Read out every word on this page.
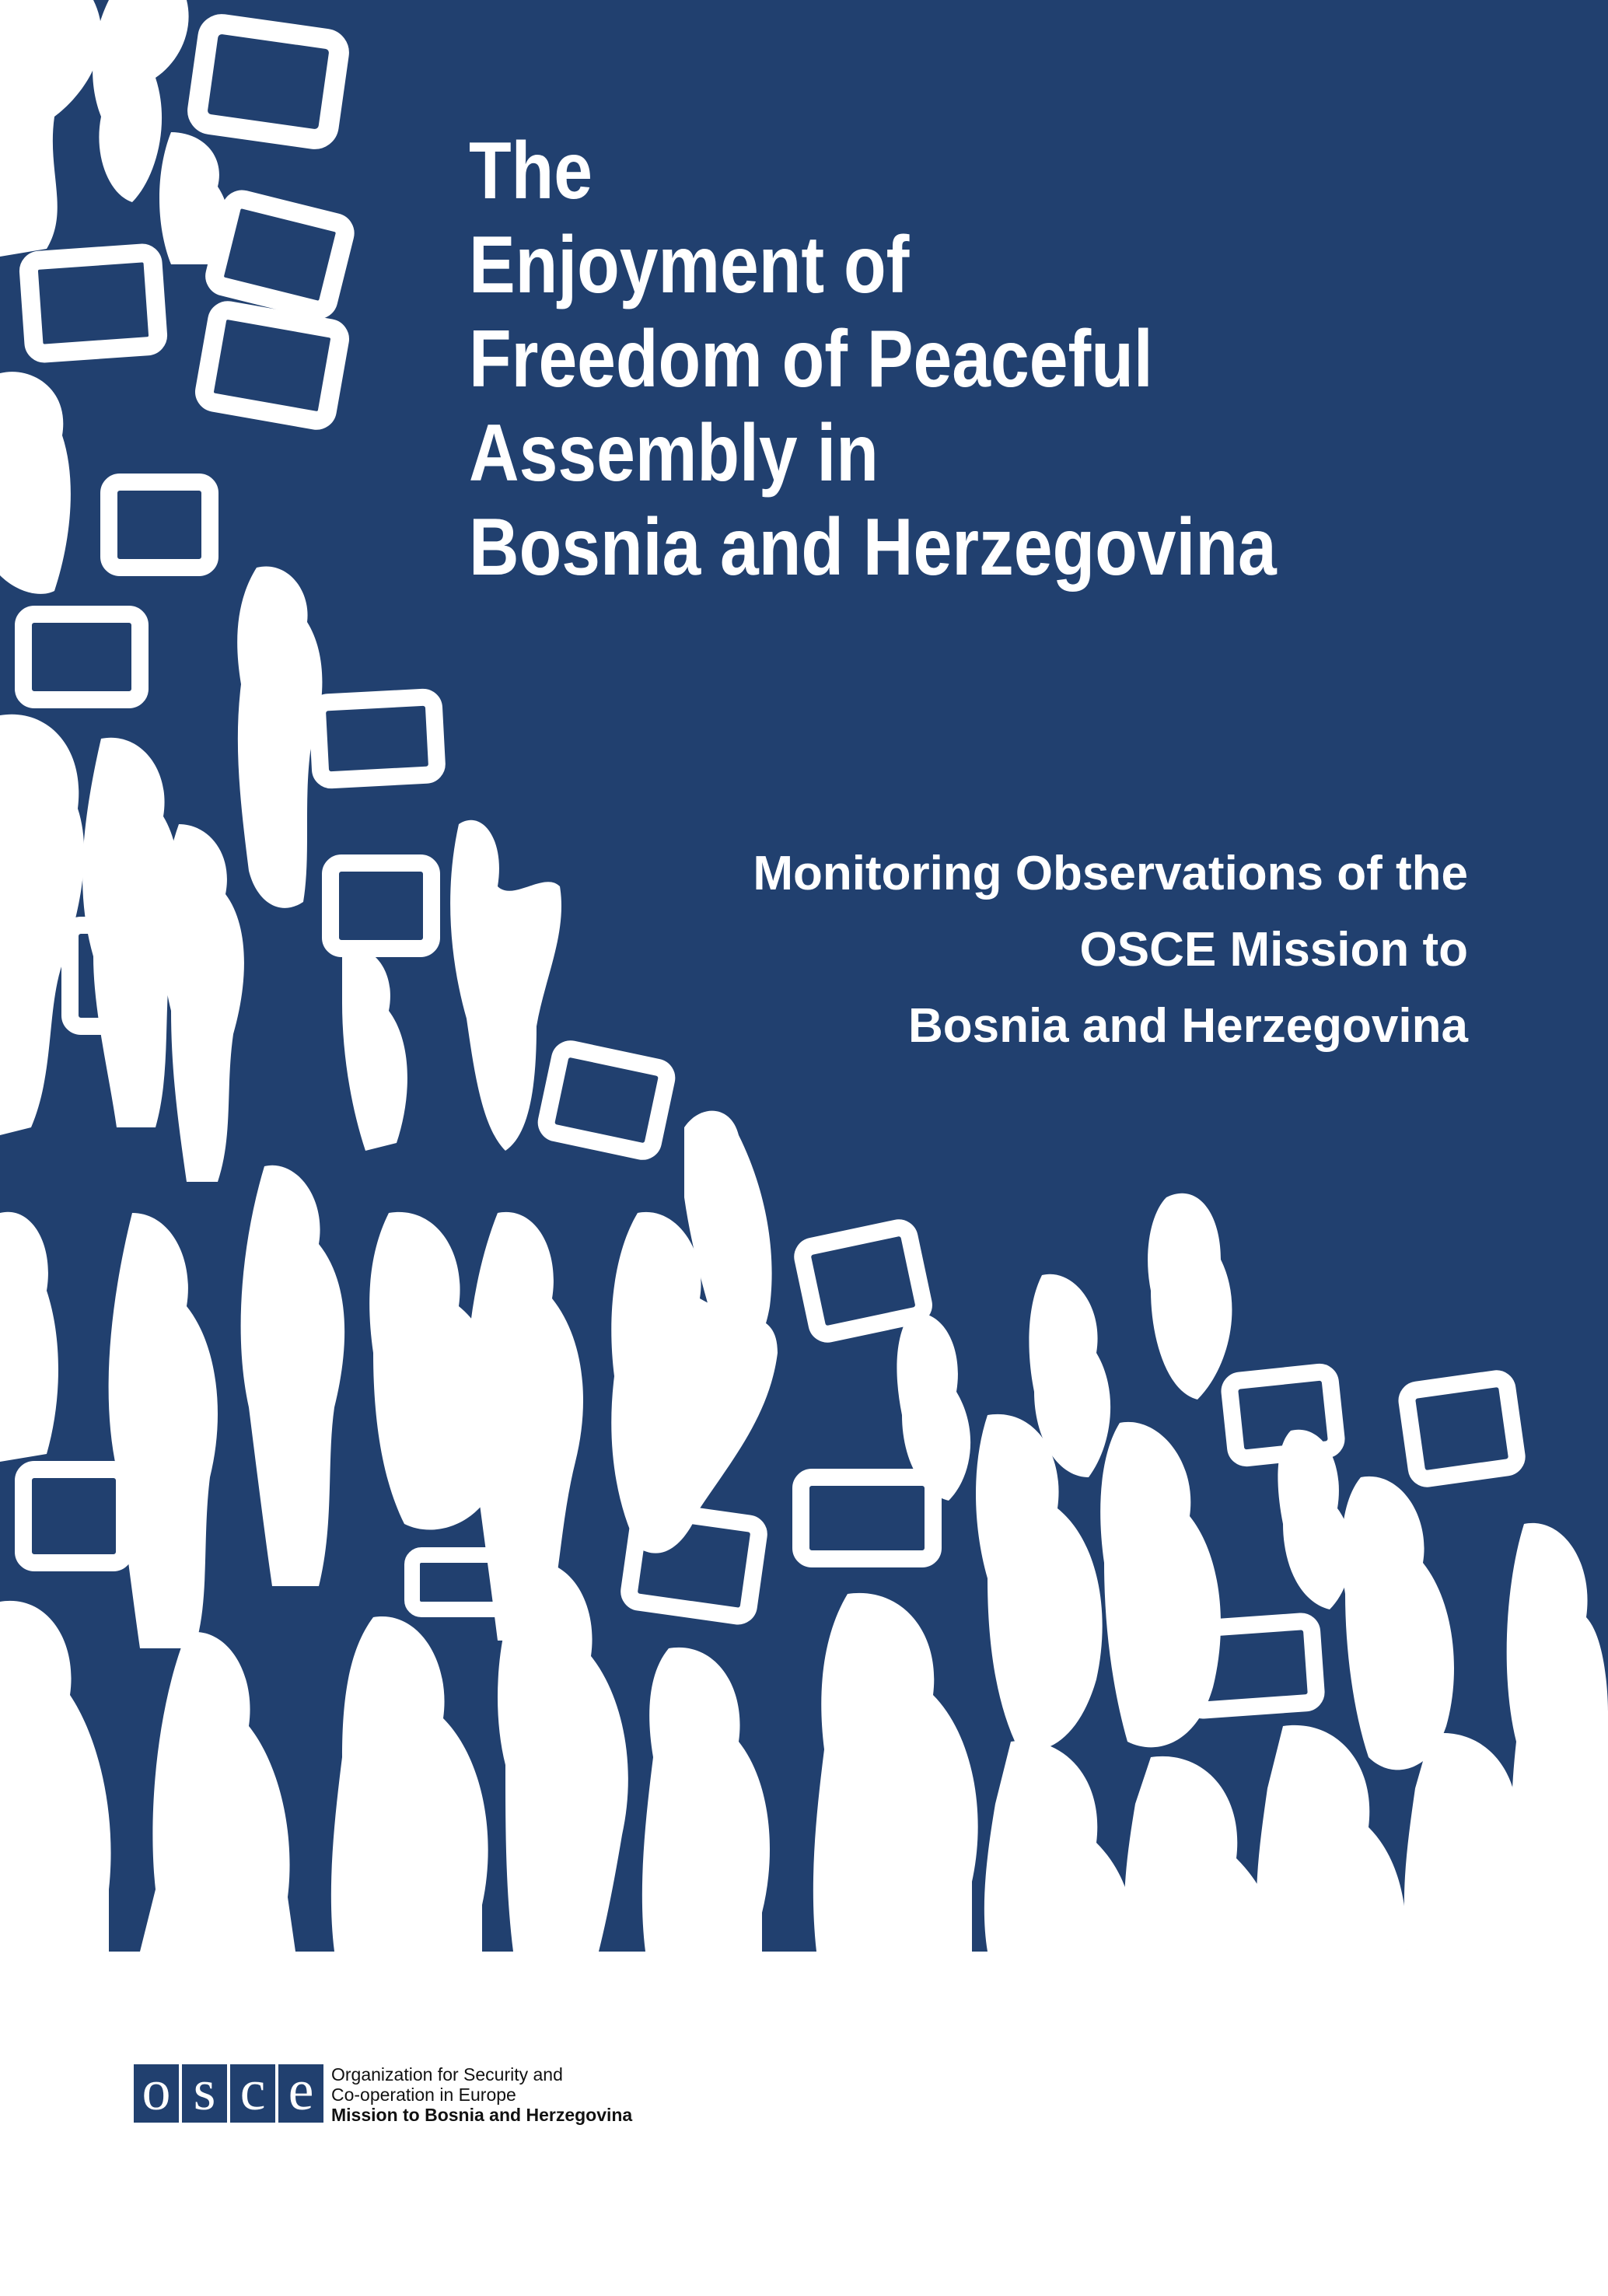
The
Enjoyment of
Freedom of Peaceful
Assembly in
Bosnia and Herzegovina
Monitoring Observations of the
OSCE Mission to
Bosnia and Herzegovina
o s c e Organization for Security and
Co-operation in Europe
Mission to Bosnia and Herzegovina
